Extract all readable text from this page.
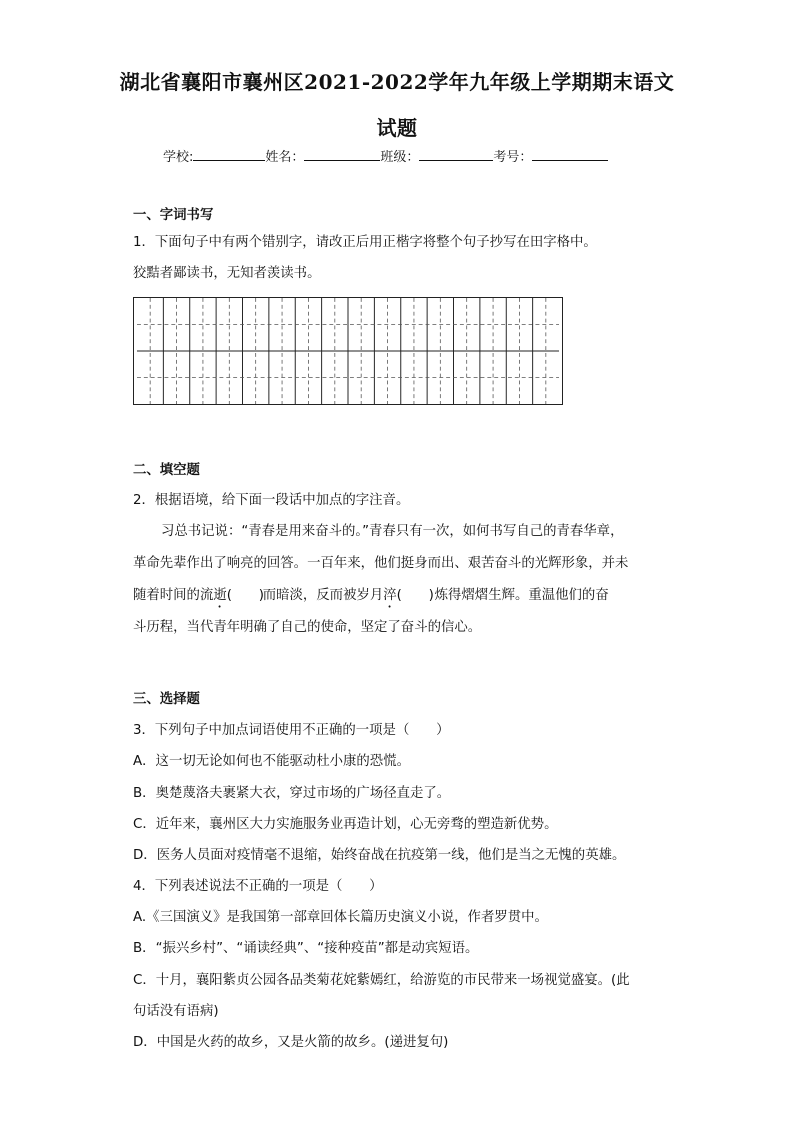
湖北省襄阳市襄州区2021-2022学年九年级上学期期末语文
试题
学校:	姓名：	班级：	考号：
一、字词书写
1．下面句子中有两个错别字，请改正后用正楷字将整个句子抄写在田字格中。
狡黠者鄙读书，无知者羡读书。
二、填空题
2．根据语境，给下面一段话中加点的字注音。
习总书记说：“青春是用来奋斗的。”青春只有一次，如何书写自己的青春华章，
革命先辈作出了响亮的回答。一百年来，他们挺身而出、艰苦奋斗的光辉形象，并未
随着时间的流逝(　　)而暗淡，反而被岁月淬(　　)炼得熠熠生辉。重温他们的奋
斗历程，当代青年明确了自己的使命，坚定了奋斗的信心。
三、选择题
3．下列句子中加点词语使用不正确的一项是（　　）
A．这一切无论如何也不能驱动杜小康的恐慌。
B．奥楚蔑洛夫裹紧大衣，穿过市场的广场径直走了。
C．近年来，襄州区大力实施服务业再造计划，心无旁骛的塑造新优势。
D．医务人员面对疫情毫不退缩，始终奋战在抗疫第一线，他们是当之无愧的英雄。
4．下列表述说法不正确的一项是（　　）
A.《三国演义》是我国第一部章回体长篇历史演义小说，作者罗贯中。
B．“振兴乡村”、“诵读经典”、“接种疫苗”都是动宾短语。
C．十月，襄阳紫贞公园各品类菊花姹紫嫣红，给游览的市民带来一场视觉盛宴。(此
句话没有语病)
D．中国是火药的故乡，又是火箭的故乡。(递进复句)
